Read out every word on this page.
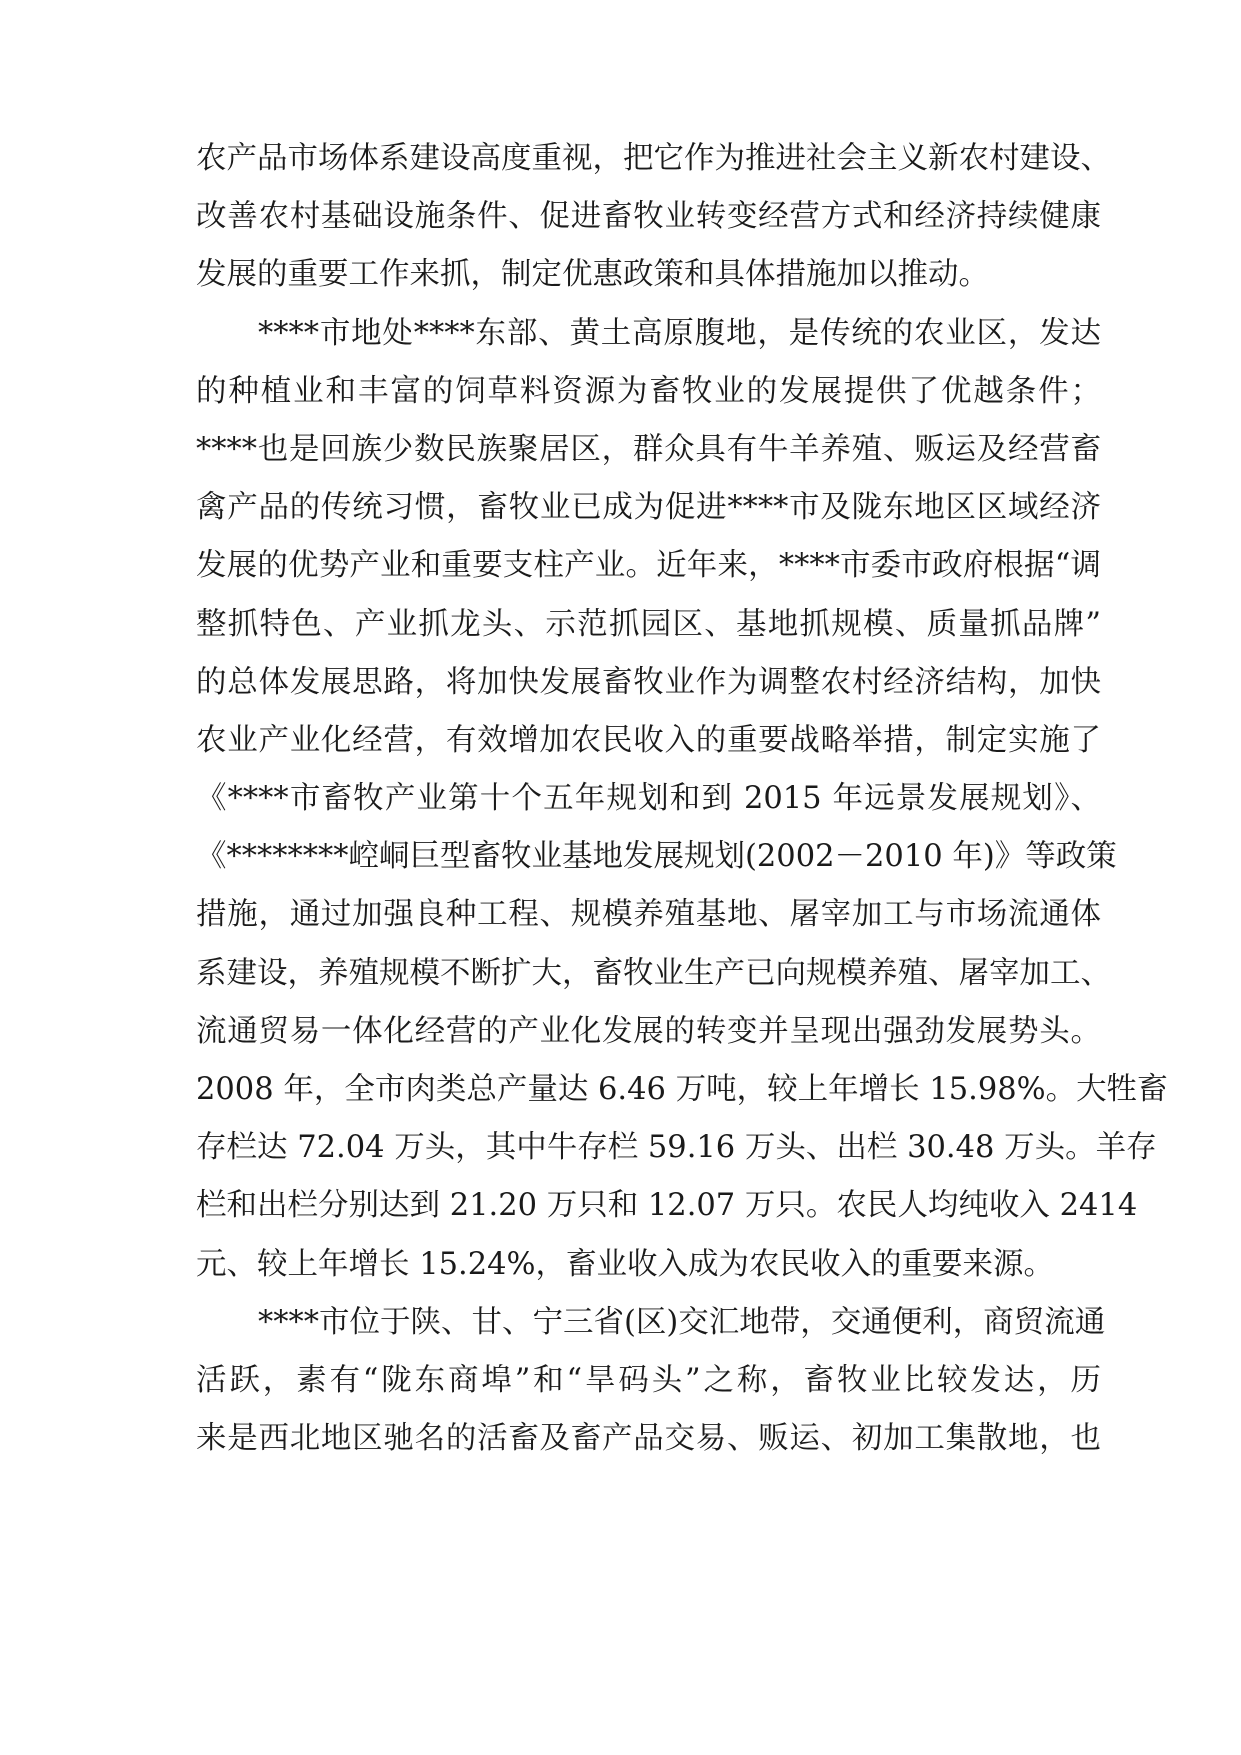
农产品市场体系建设高度重视，把它作为推进社会主义新农村建设、
改善农村基础设施条件、促进畜牧业转变经营方式和经济持续健康
发展的重要工作来抓，制定优惠政策和具体措施加以推动。
****市地处****东部、黄土高原腹地，是传统的农业区，发达
的种植业和丰富的饲草料资源为畜牧业的发展提供了优越条件；
****也是回族少数民族聚居区，群众具有牛羊养殖、贩运及经营畜
禽产品的传统习惯，畜牧业已成为促进****市及陇东地区区域经济
发展的优势产业和重要支柱产业。近年来，****市委市政府根据“调
整抓特色、产业抓龙头、示范抓园区、基地抓规模、质量抓品牌”
的总体发展思路，将加快发展畜牧业作为调整农村经济结构，加快
农业产业化经营，有效增加农民收入的重要战略举措，制定实施了
《****市畜牧产业第十个五年规划和到 2015 年远景发展规划》、
《********崆峒巨型畜牧业基地发展规划(2002－2010 年)》等政策
措施，通过加强良种工程、规模养殖基地、屠宰加工与市场流通体
系建设，养殖规模不断扩大，畜牧业生产已向规模养殖、屠宰加工、
流通贸易一体化经营的产业化发展的转变并呈现出强劲发展势头。
2008 年，全市肉类总产量达 6.46 万吨，较上年增长 15.98%。大牲畜
存栏达 72.04 万头，其中牛存栏 59.16 万头、出栏 30.48 万头。羊存
栏和出栏分别达到 21.20 万只和 12.07 万只。农民人均纯收入 2414
元、较上年增长 15.24%，畜业收入成为农民收入的重要来源。
****市位于陕、甘、宁三省(区)交汇地带，交通便利，商贸流通
活跃，素有“陇东商埠”和“旱码头”之称，畜牧业比较发达，历
来是西北地区驰名的活畜及畜产品交易、贩运、初加工集散地，也
